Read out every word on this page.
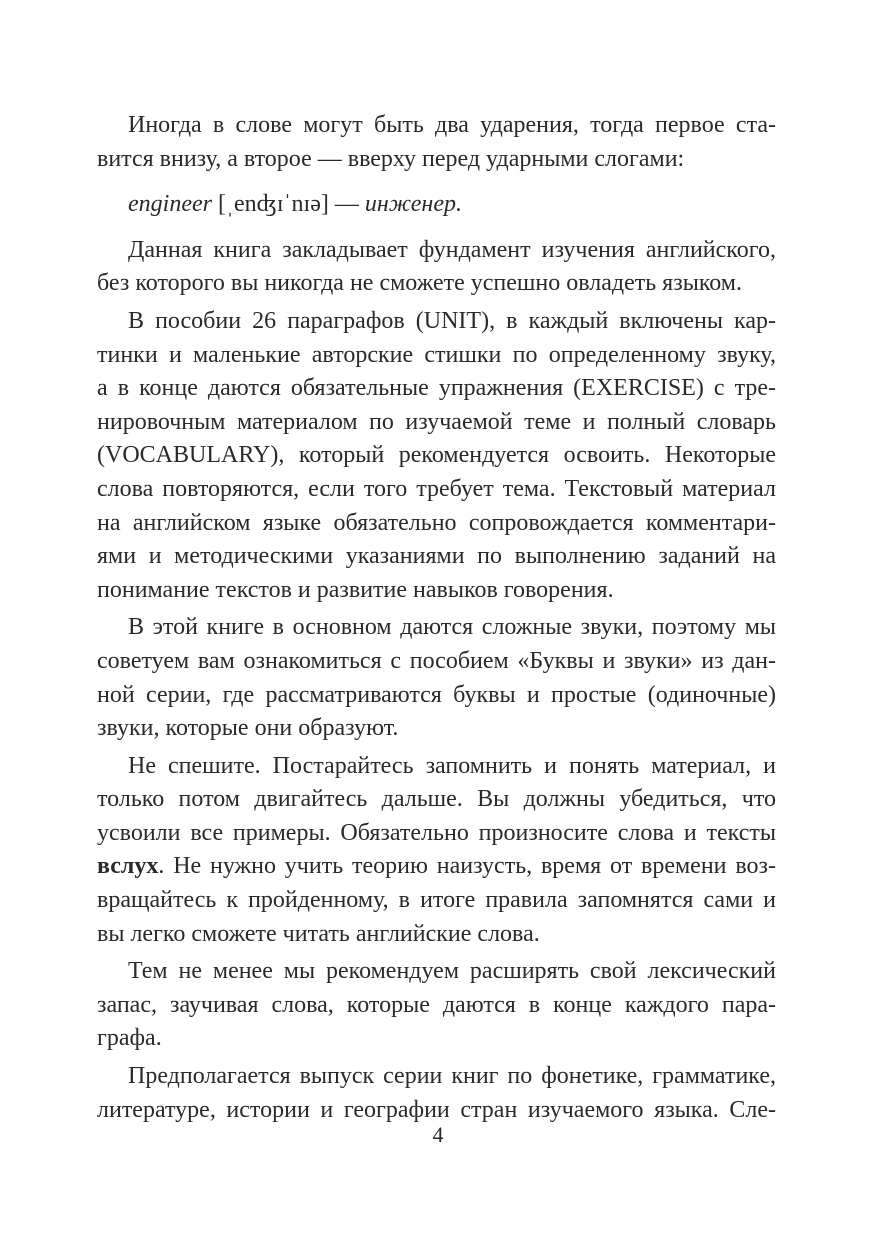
Иногда в слове могут быть два ударения, тогда первое ста-
вится внизу, а второе — вверху перед ударными слогами:
engineer [ˌenʤɪˈnɪə] — инженер.
Данная книга закладывает фундамент изучения английского,
без которого вы никогда не сможете успешно овладеть языком.
В пособии 26 параграфов (UNIT), в каждый включены кар-
тинки и маленькие авторские стишки по определенному звуку,
а в конце даются обязательные упражнения (EXERCISE) с тре-
нировочным материалом по изучаемой теме и полный словарь
(VOCABULARY), который рекомендуется освоить. Некоторые
слова повторяются, если того требует тема. Текстовый материал
на английском языке обязательно сопровождается комментари-
ями и методическими указаниями по выполнению заданий на
понимание текстов и развитие навыков говорения.
В этой книге в основном даются сложные звуки, поэтому мы
советуем вам ознакомиться с пособием «Буквы и звуки» из дан-
ной серии, где рассматриваются буквы и простые (одиночные)
звуки, которые они образуют.
Не спешите. Постарайтесь запомнить и понять материал, и
только потом двигайтесь дальше. Вы должны убедиться, что
усвоили все примеры. Обязательно произносите слова и тексты
вслух. Не нужно учить теорию наизусть, время от времени воз-
вращайтесь к пройденному, в итоге правила запомнятся сами и
вы легко сможете читать английские слова.
Тем не менее мы рекомендуем расширять свой лексический
запас, заучивая слова, которые даются в конце каждого пара-
графа.
Предполагается выпуск серии книг по фонетике, грамматике,
литературе, истории и географии стран изучаемого языка. Сле-
4
